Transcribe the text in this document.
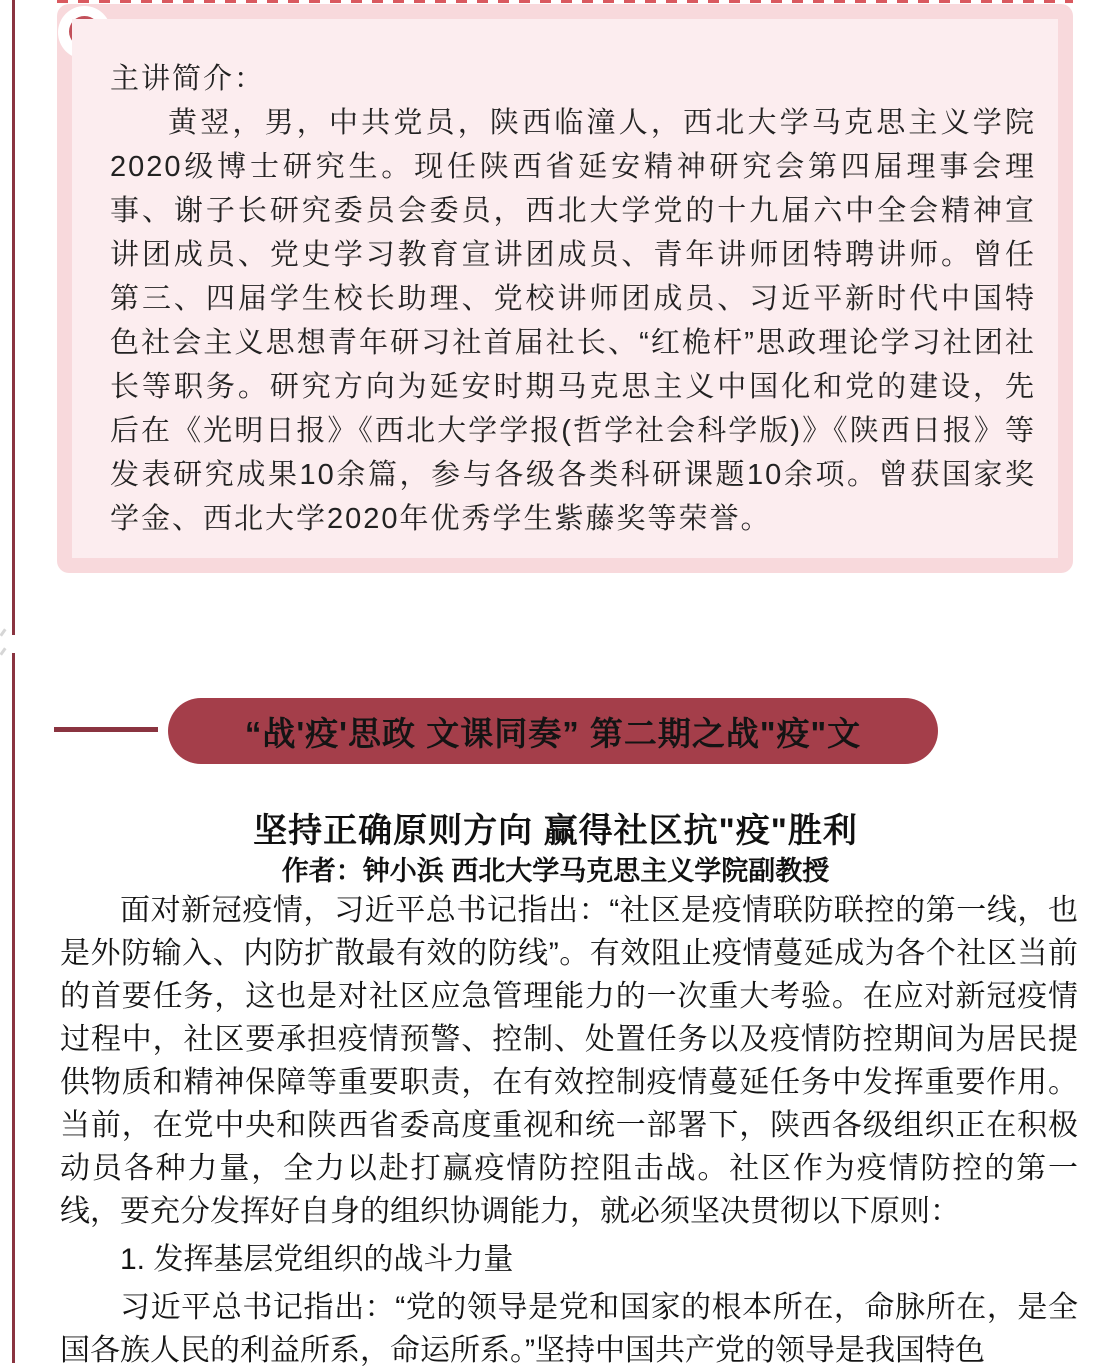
主讲简介：

黄翌，男，中共党员，陕西临潼人，西北大学马克思主义学院2020级博士研究生。现任陕西省延安精神研究会第四届理事会理事、谢子长研究委员会委员，西北大学党的十九届六中全会精神宣讲团成员、党史学习教育宣讲团成员、青年讲师团特聘讲师。曾任第三、四届学生校长助理、党校讲师团成员、习近平新时代中国特色社会主义思想青年研习社首届社长、“红桅杆”思政理论学习社团社长等职务。研究方向为延安时期马克思主义中国化和党的建设，先后在《光明日报》《西北大学学报(哲学社会科学版)》《陕西日报》等发表研究成果10余篇，参与各级各类科研课题10余项。曾获国家奖学金、西北大学2020年优秀学生紫藤奖等荣誉。

“战'疫'思政 文课同奏” 第二期之战"疫"文
坚持正确原则方向 赢得社区抗"疫"胜利
作者：钟小浜 西北大学马克思主义学院副教授

面对新冠疫情，习近平总书记指出：“社区是疫情联防联控的第一线，也是外防输入、内防扩散最有效的防线”。有效阻止疫情蔓延成为各个社区当前的首要任务，这也是对社区应急管理能力的一次重大考验。在应对新冠疫情过程中，社区要承担疫情预警、控制、处置任务以及疫情防控期间为居民提供物质和精神保障等重要职责，在有效控制疫情蔓延任务中发挥重要作用。当前，在党中央和陕西省委高度重视和统一部署下，陕西各级组织正在积极动员各种力量，全力以赴打赢疫情防控阻击战。社区作为疫情防控的第一线，要充分发挥好自身的组织协调能力，就必须坚决贯彻以下原则：

1. 发挥基层党组织的战斗力量

习近平总书记指出：“党的领导是党和国家的根本所在，命脉所在，是全国各族人民的利益所系，命运所系。”坚持中国共产党的领导是我国特色
